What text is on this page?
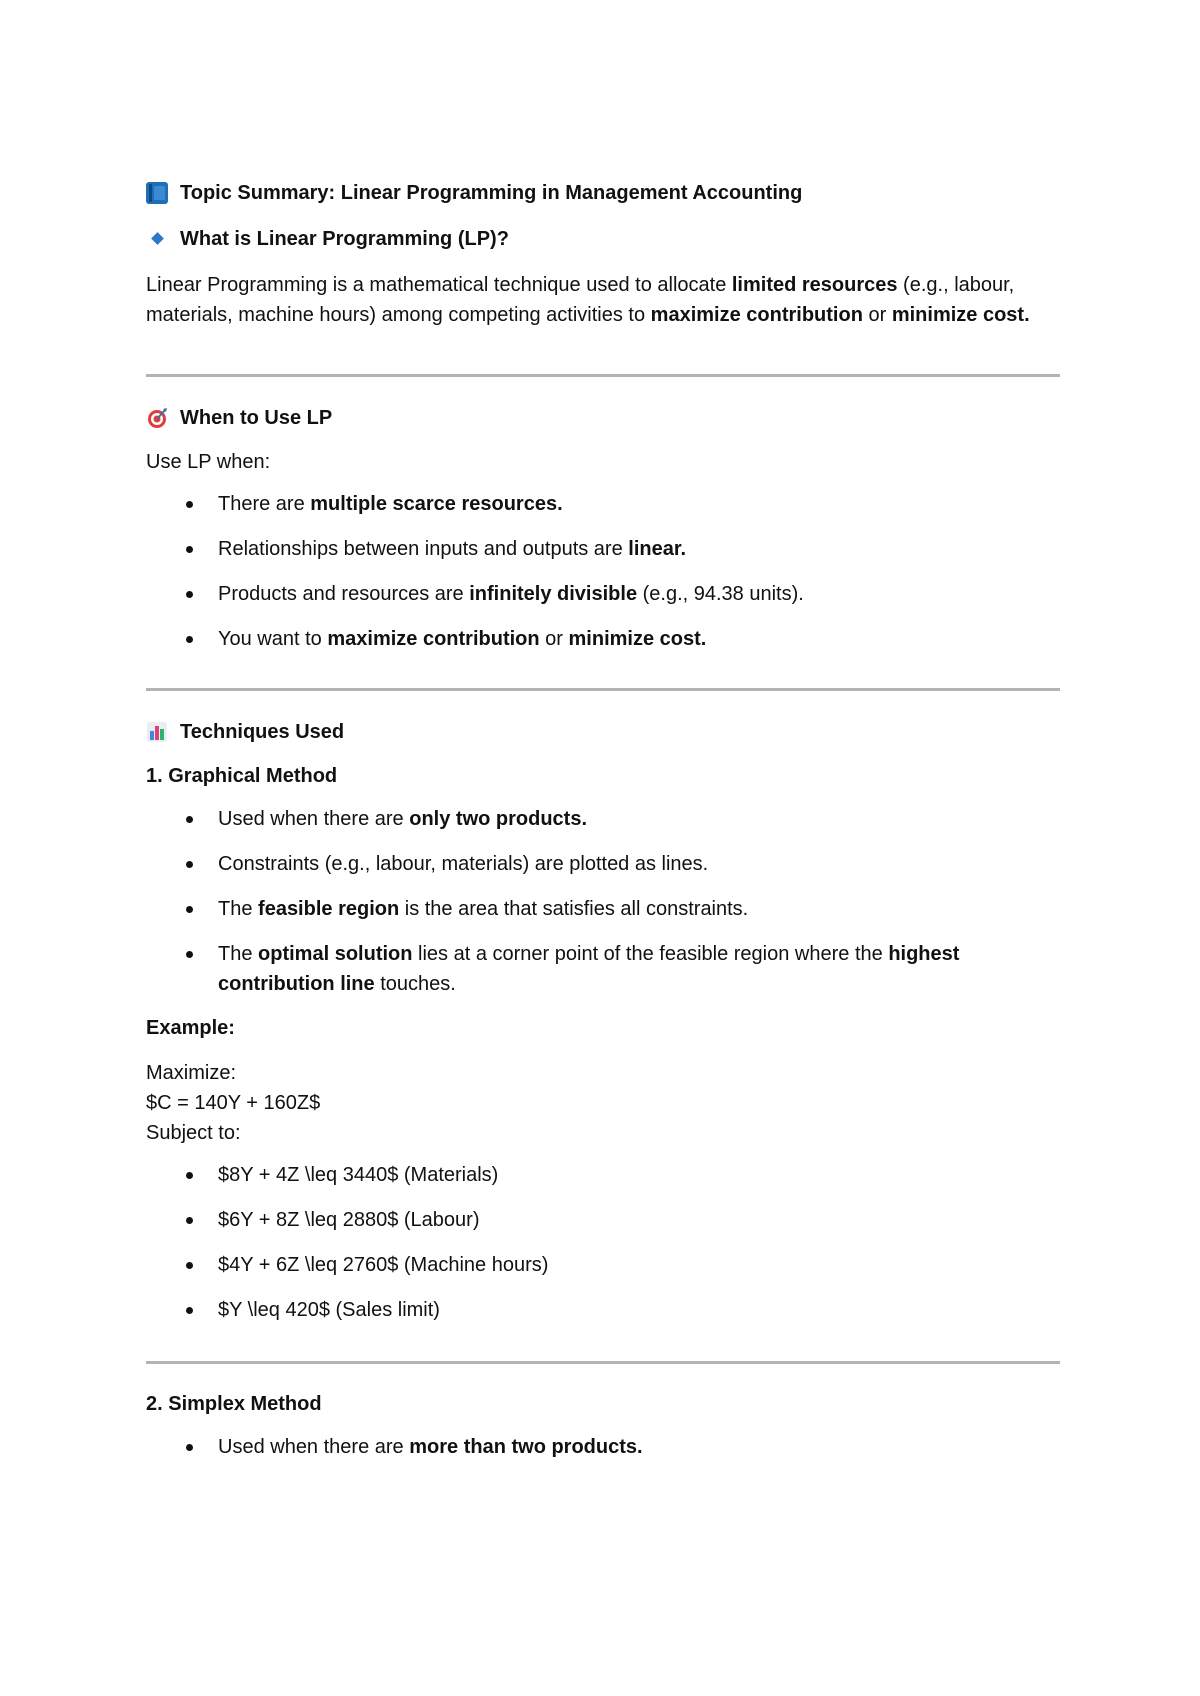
Topic Summary: Linear Programming in Management Accounting
What is Linear Programming (LP)?

Linear Programming is a mathematical technique used to allocate limited resources (e.g., labour, materials, machine hours) among competing activities to maximize contribution or minimize cost.

When to Use LP

Use LP when:

There are multiple scarce resources.
Relationships between inputs and outputs are linear.
Products and resources are infinitely divisible (e.g., 94.38 units).
You want to maximize contribution or minimize cost.
Techniques Used
1. Graphical Method
Used when there are only two products.
Constraints (e.g., labour, materials) are plotted as lines.
The feasible region is the area that satisfies all constraints.
The optimal solution lies at a corner point of the feasible region where the highest contribution line touches.

Example:

Maximize:

$C = 140Y + 160Z$

Subject to:

$8Y + 4Z \leq 3440$ (Materials)
$6Y + 8Z \leq 2880$ (Labour)
$4Y + 6Z \leq 2760$ (Machine hours)
$Y \leq 420$ (Sales limit)
2. Simplex Method
Used when there are more than two products.
